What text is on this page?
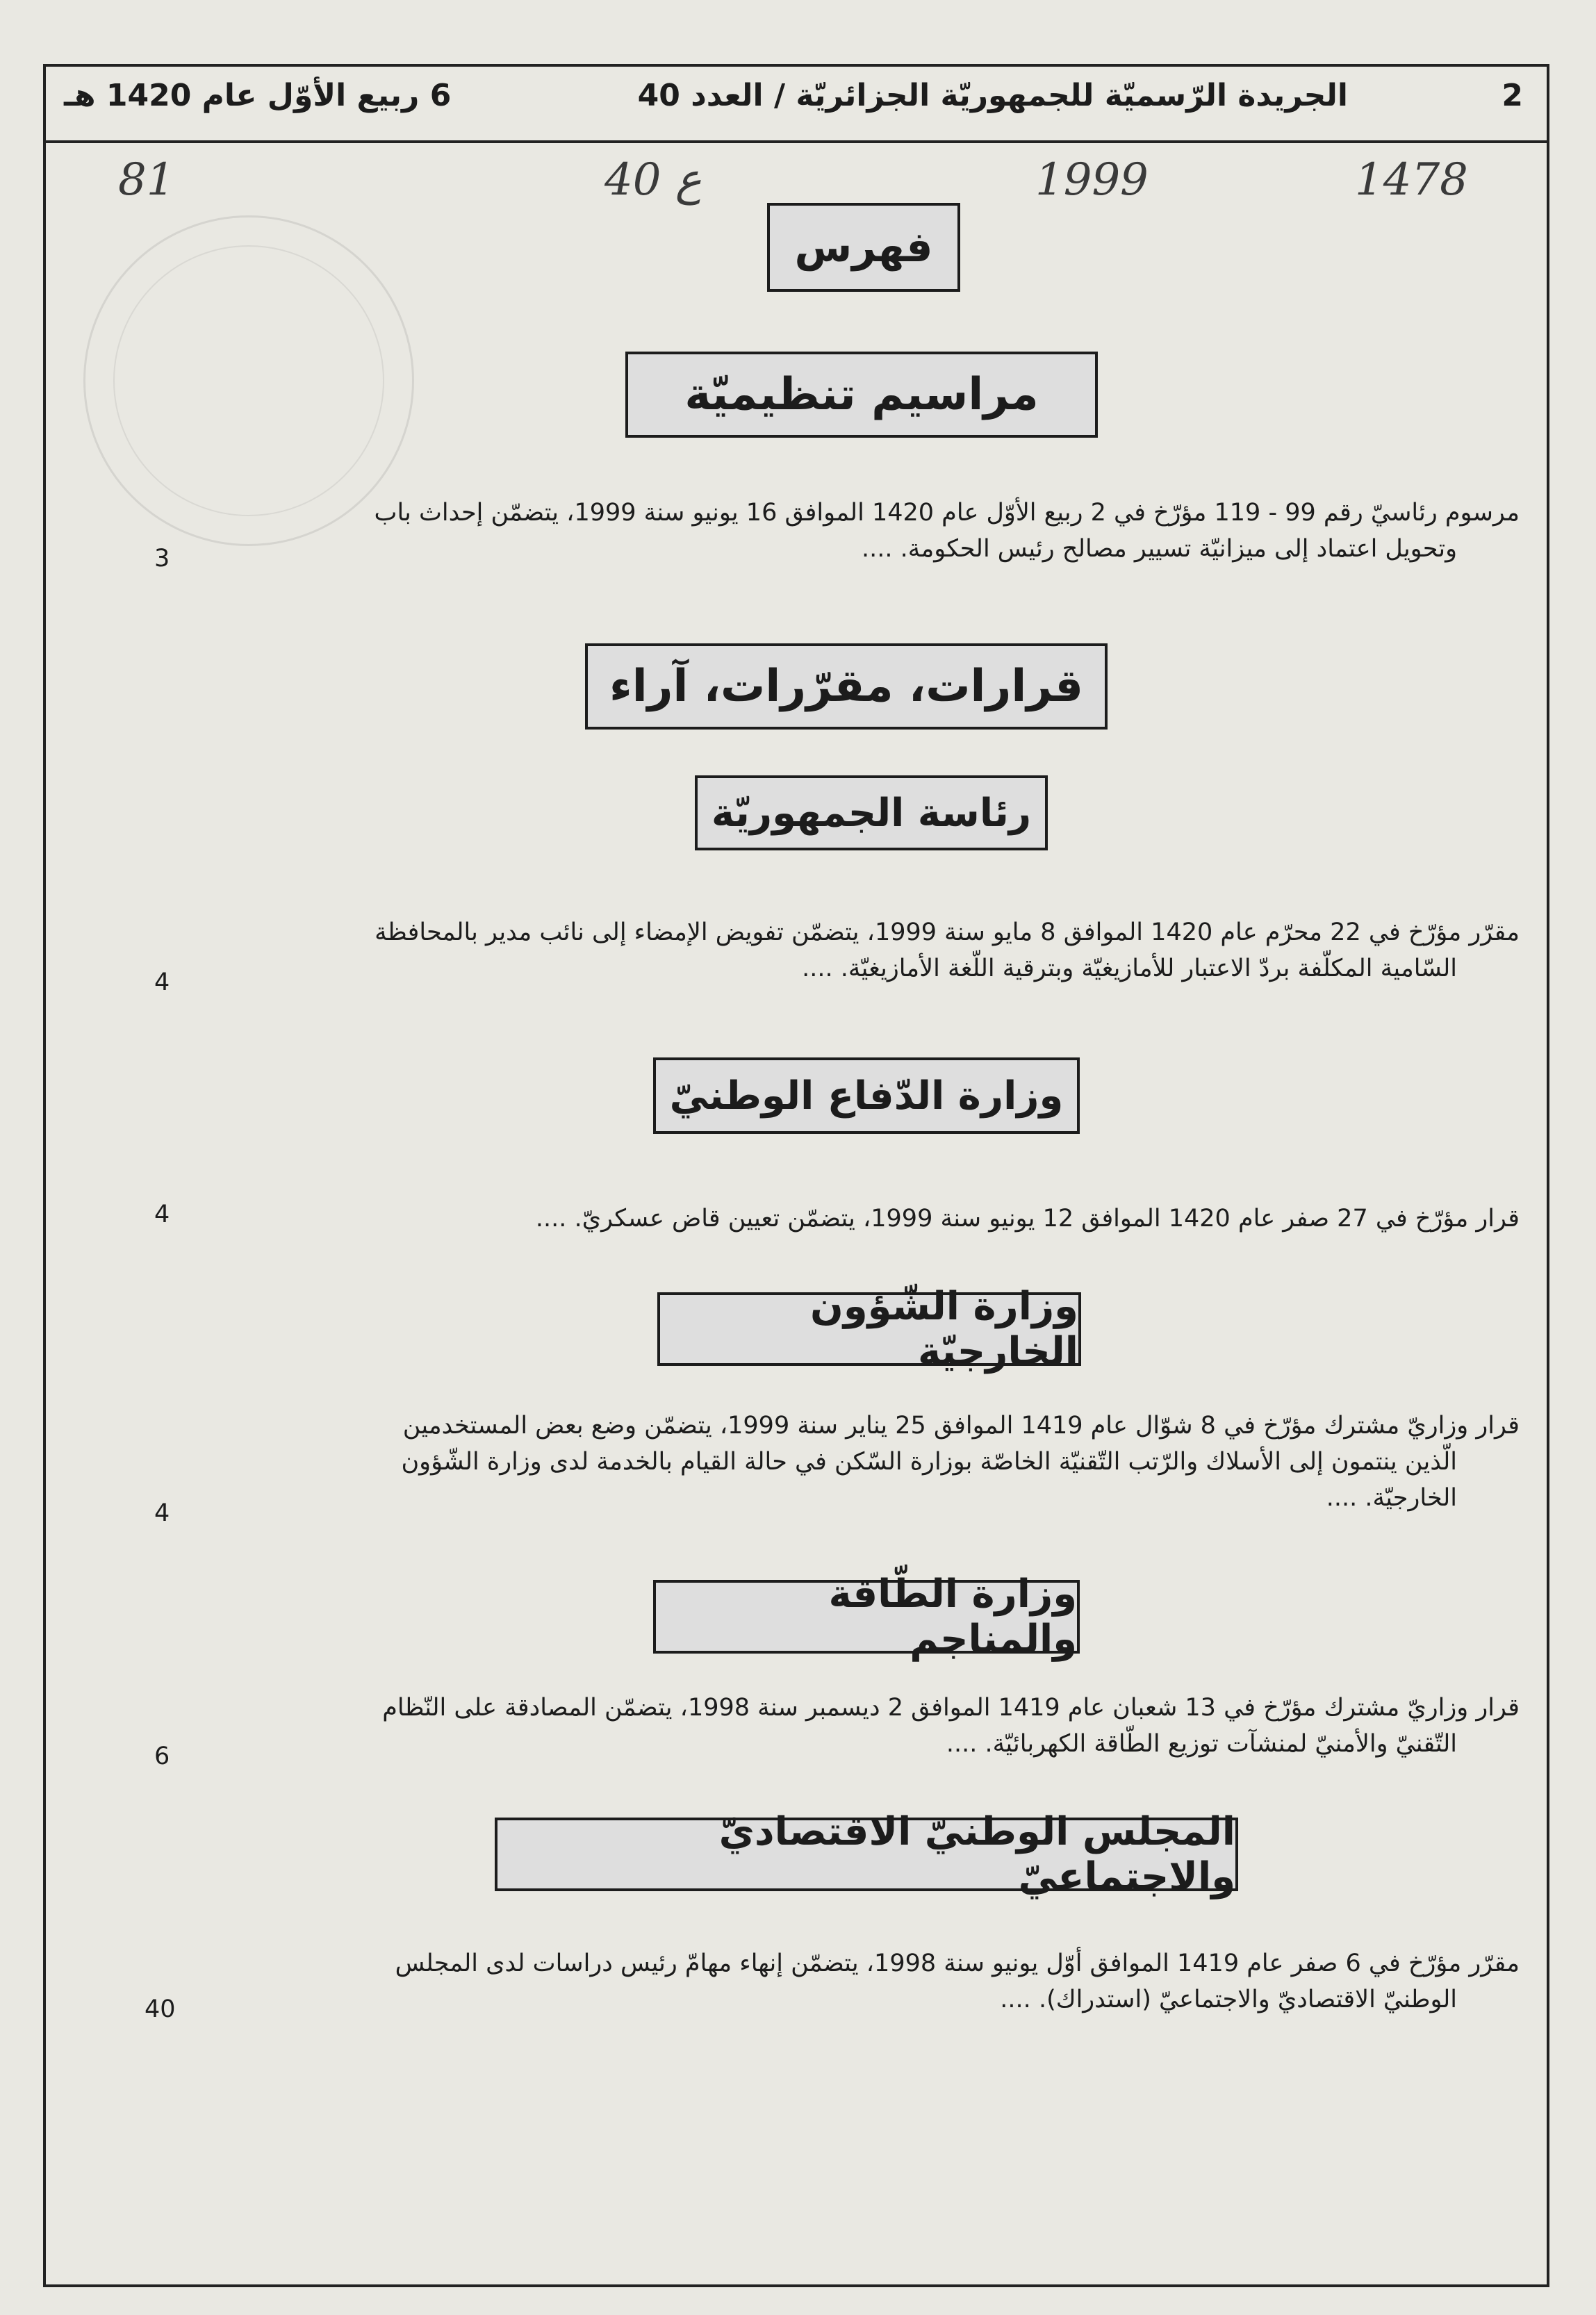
2
الجريدة الرّسميّة للجمهوريّة الجزائريّة / العدد 40
6 ربيع الأوّل عام 1420 هـ
81	ع 40	1999	1478
فهرس
مراسيم تنظيميّة
مرسوم رئاسيّ رقم 99 - 119 مؤرّخ في 2 ربيع الأوّل عام 1420 الموافق 16 يونيو سنة 1999، يتضمّن إحداث باب
وتحويل اعتماد إلى ميزانيّة تسيير مصالح رئيس الحكومة. ....
3
قرارات، مقرّرات، آراء
رئاسة الجمهوريّة
مقرّر مؤرّخ في 22 محرّم عام 1420 الموافق 8 مايو سنة 1999، يتضمّن تفويض الإمضاء إلى نائب مدير بالمحافظة
السّامية المكلّفة بردّ الاعتبار للأمازيغيّة وبترقية اللّغة الأمازيغيّة. ....
4
وزارة الدّفاع الوطنيّ
قرار مؤرّخ في 27 صفر عام 1420 الموافق 12 يونيو سنة 1999، يتضمّن تعيين قاض عسكريّ. ....
4
وزارة الشّؤون الخارجيّة
قرار وزاريّ مشترك مؤرّخ في 8 شوّال عام 1419 الموافق 25 يناير سنة 1999، يتضمّن وضع بعض المستخدمين
الّذين ينتمون إلى الأسلاك والرّتب التّقنيّة الخاصّة بوزارة السّكن في حالة القيام بالخدمة لدى وزارة الشّؤون
الخارجيّة. ....
4
وزارة الطّاقة والمناجم
قرار وزاريّ مشترك مؤرّخ في 13 شعبان عام 1419 الموافق 2 ديسمبر سنة 1998، يتضمّن المصادقة على النّظام
التّقنيّ والأمنيّ لمنشآت توزيع الطّاقة الكهربائيّة. ....
6
المجلس الوطنيّ الاقتصاديّ والاجتماعيّ
مقرّر مؤرّخ في 6 صفر عام 1419 الموافق أوّل يونيو سنة 1998، يتضمّن إنهاء مهامّ رئيس دراسات لدى المجلس
الوطنيّ الاقتصاديّ والاجتماعيّ (استدراك). ....
40
